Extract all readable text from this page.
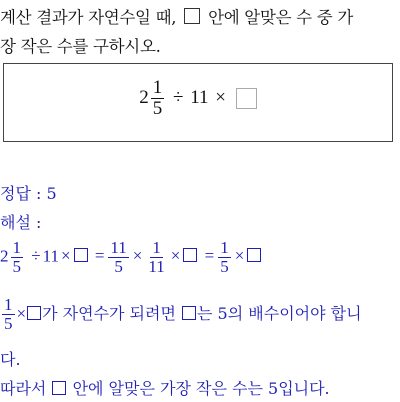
계산 결과가 자연수일 때, 안에 알맞은 수 중 가
장 작은 수를 구하시오.
$2 \frac{1}{5} \div 11$ ×
정답 : 5
해설 :
$2 \frac{1}{5} \div 11$ × = $\frac{11}{5} \times \frac{1}{11}$ × = $\frac{1}{5}$ ×
$\frac{1}{5}$ × 가 자연수가 되려면 는 5의 배수이어야 합니
다.
따라서 안에 알맞은 가장 작은 수는 5입니다.
